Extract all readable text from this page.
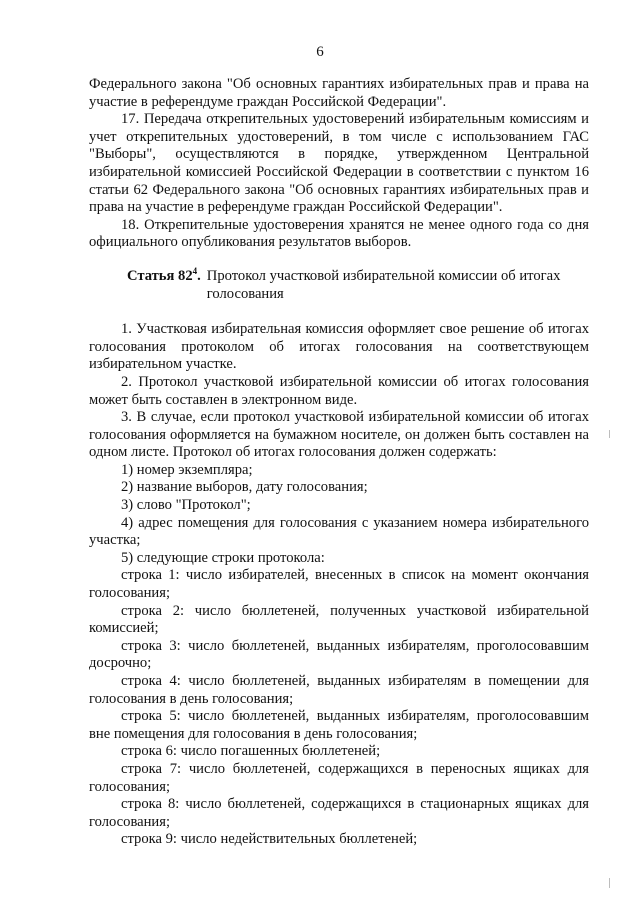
6

Федерального закона "Об основных гарантиях избирательных прав и права на участие в референдуме граждан Российской Федерации".

17. Передача открепительных удостоверений избирательным комиссиям и учет открепительных удостоверений, в том числе с использованием ГАС "Выборы", осуществляются в порядке, утвержденном Центральной избирательной комиссией Российской Федерации в соответствии с пунктом 16 статьи 62 Федерального закона "Об основных гарантиях избирательных прав и права на участие в референдуме граждан Российской Федерации".

18. Открепительные удостоверения хранятся не менее одного года со дня официального опубликования результатов выборов.

Статья $82^4$. Протокол участковой избирательной комиссии об итогах голосования

1. Участковая избирательная комиссия оформляет свое решение об итогах голосования протоколом об итогах голосования на соответствующем избирательном участке.

2. Протокол участковой избирательной комиссии об итогах голосования может быть составлен в электронном виде.

3. В случае, если протокол участковой избирательной комиссии об итогах голосования оформляется на бумажном носителе, он должен быть составлен на одном листе. Протокол об итогах голосования должен содержать:

1) номер экземпляра;

2) название выборов, дату голосования;

3) слово "Протокол";

4) адрес помещения для голосования с указанием номера избирательного участка;

5) следующие строки протокола:

строка 1: число избирателей, внесенных в список на момент окончания голосования;

строка 2: число бюллетеней, полученных участковой избирательной комиссией;

строка 3: число бюллетеней, выданных избирателям, проголосовавшим досрочно;

строка 4: число бюллетеней, выданных избирателям в помещении для голосования в день голосования;

строка 5: число бюллетеней, выданных избирателям, проголосовавшим вне помещения для голосования в день голосования;

строка 6: число погашенных бюллетеней;

строка 7: число бюллетеней, содержащихся в переносных ящиках для голосования;

строка 8: число бюллетеней, содержащихся в стационарных ящиках для голосования;

строка 9: число недействительных бюллетеней;
